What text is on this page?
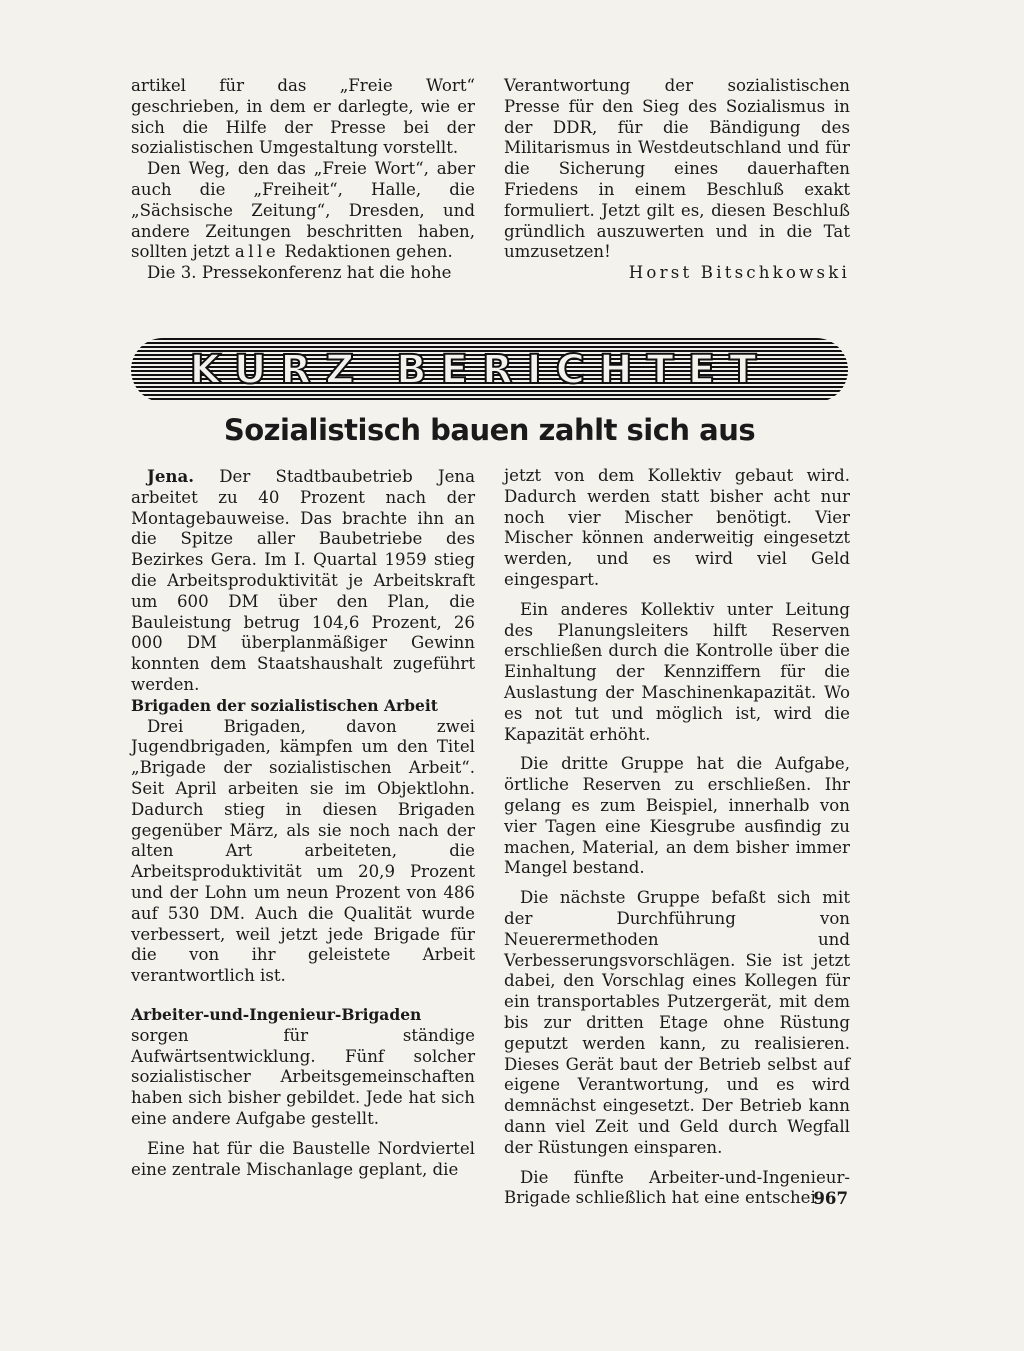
artikel für das „Freie Wort“ geschrieben, in dem er darlegte, wie er sich die Hilfe der Presse bei der sozialistischen Umgestaltung vorstellt.

Den Weg, den das „Freie Wort“, aber auch die „Freiheit“, Halle, die „Sächsische Zeitung“, Dresden, und andere Zeitungen beschritten haben, sollten jetzt alle Redaktionen gehen.

Die 3. Pressekonferenz hat die hohe

Verantwortung der sozialistischen Presse für den Sieg des Sozialismus in der DDR, für die Bändigung des Militarismus in Westdeutschland und für die Sicherung eines dauerhaften Friedens in einem Beschluß exakt formuliert. Jetzt gilt es, diesen Beschluß gründlich auszuwerten und in die Tat umzusetzen!

Horst Bitschkowski

KURZ BERICHTET
Sozialistisch bauen zahlt sich aus

Jena. Der Stadtbaubetrieb Jena arbeitet zu 40 Prozent nach der Montagebauweise. Das brachte ihn an die Spitze aller Baubetriebe des Bezirkes Gera. Im I. Quartal 1959 stieg die Arbeitsproduktivität je Arbeitskraft um 600 DM über den Plan, die Bauleistung betrug 104,6 Prozent, 26 000 DM überplanmäßiger Gewinn konnten dem Staatshaushalt zugeführt werden.

Brigaden der sozialistischen Arbeit

Drei Brigaden, davon zwei Jugendbrigaden, kämpfen um den Titel „Brigade der sozialistischen Arbeit“. Seit April arbeiten sie im Objektlohn. Dadurch stieg in diesen Brigaden gegenüber März, als sie noch nach der alten Art arbeiteten, die Arbeitsproduktivität um 20,9 Prozent und der Lohn um neun Prozent von 486 auf 530 DM. Auch die Qualität wurde verbessert, weil jetzt jede Brigade für die von ihr geleistete Arbeit verantwortlich ist.

Arbeiter-und-Ingenieur-Brigaden

sorgen für ständige Aufwärtsentwicklung. Fünf solcher sozialistischer Arbeitsgemeinschaften haben sich bisher gebildet. Jede hat sich eine andere Aufgabe gestellt.

Eine hat für die Baustelle Nordviertel eine zentrale Mischanlage geplant, die

jetzt von dem Kollektiv gebaut wird. Dadurch werden statt bisher acht nur noch vier Mischer benötigt. Vier Mischer können anderweitig eingesetzt werden, und es wird viel Geld eingespart.

Ein anderes Kollektiv unter Leitung des Planungsleiters hilft Reserven erschließen durch die Kontrolle über die Einhaltung der Kennziffern für die Auslastung der Maschinenkapazität. Wo es not tut und möglich ist, wird die Kapazität erhöht.

Die dritte Gruppe hat die Aufgabe, örtliche Reserven zu erschließen. Ihr gelang es zum Beispiel, innerhalb von vier Tagen eine Kiesgrube ausfindig zu machen, Material, an dem bisher immer Mangel bestand.

Die nächste Gruppe befaßt sich mit der Durchführung von Neuerermethoden und Verbesserungsvorschlägen. Sie ist jetzt dabei, den Vorschlag eines Kollegen für ein transportables Putzergerät, mit dem bis zur dritten Etage ohne Rüstung geputzt werden kann, zu realisieren. Dieses Gerät baut der Betrieb selbst auf eigene Verantwortung, und es wird demnächst eingesetzt. Der Betrieb kann dann viel Zeit und Geld durch Wegfall der Rüstungen einsparen.

Die fünfte Arbeiter-und-Ingenieur-Brigade schließlich hat eine entschei-

967
